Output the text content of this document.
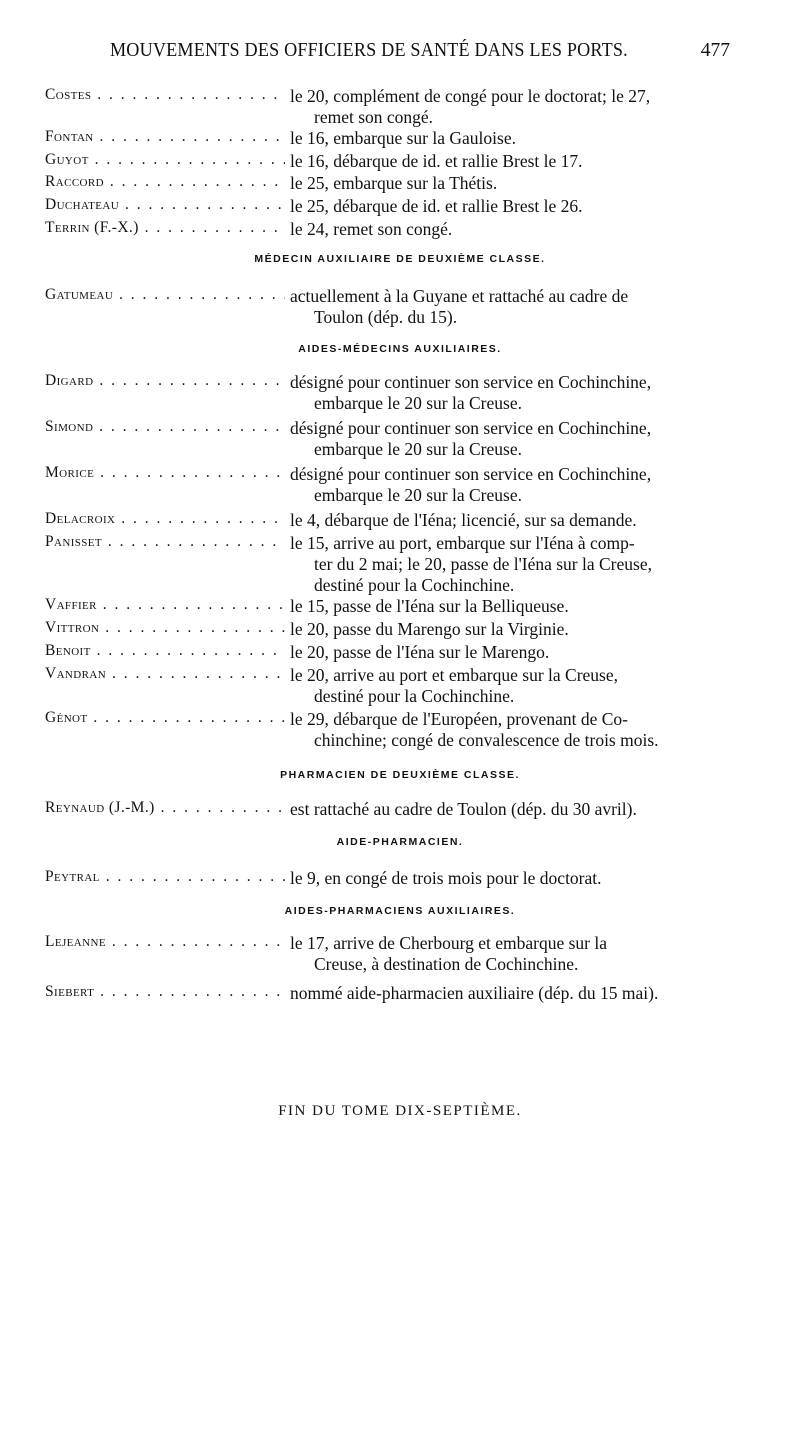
MOUVEMENTS DES OFFICIERS DE SANTÉ DANS LES PORTS.	477
Costes . . .	le 20, complément de congé pour le doctorat; le 27,
remet son congé.
Fontan . . .	le 16, embarque sur la Gauloise.
Guyot . . .	le 16, débarque de id. et rallie Brest le 17.
Raccord . . .	le 25, embarque sur la Thétis.
Duchateau . . .	le 25, débarque de id. et rallie Brest le 26.
Terrin (F.-X.) . . .	le 24, remet son congé.
MÉDECIN AUXILIAIRE DE DEUXIÈME CLASSE.
Gatumeau . . .	actuellement à la Guyane et rattaché au cadre de
Toulon (dép. du 15).
AIDES-MÉDECINS AUXILIAIRES.
Digard . . .	désigné pour continuer son service en Cochinchine,
embarque le 20 sur la Creuse.
Simond . . .	désigné pour continuer son service en Cochinchine,
embarque le 20 sur la Creuse.
Morice . . .	désigné pour continuer son service en Cochinchine,
embarque le 20 sur la Creuse.
Delacroix . . .	le 4, débarque de l'Iéna; licencié, sur sa demande.
Panisset . . .	le 15, arrive au port, embarque sur l'Iéna à comp-
ter du 2 mai; le 20, passe de l'Iéna sur la Creuse,
destiné pour la Cochinchine.
Vaffier . . .	le 15, passe de l'Iéna sur la Belliqueuse.
Vittron . . .	le 20, passe du Marengo sur la Virginie.
Benoit . . .	le 20, passe de l'Iéna sur le Marengo.
Vandran . . .	le 20, arrive au port et embarque sur la Creuse,
destiné pour la Cochinchine.
Génot . . .	le 29, débarque de l'Européen, provenant de Co-
chinchine; congé de convalescence de trois mois.
PHARMACIEN DE DEUXIÈME CLASSE.
Reynaud (J.-M.) . . .	est rattaché au cadre de Toulon (dép. du 30 avril).
AIDE-PHARMACIEN.
Peytral . . .	le 9, en congé de trois mois pour le doctorat.
AIDES-PHARMACIENS AUXILIAIRES.
Lejeanne . . .	le 17, arrive de Cherbourg et embarque sur la
Creuse, à destination de Cochinchine.
Siebert . . .	nommé aide-pharmacien auxiliaire (dép. du 15 mai).
FIN DU TOME DIX-SEPTIÈME.
